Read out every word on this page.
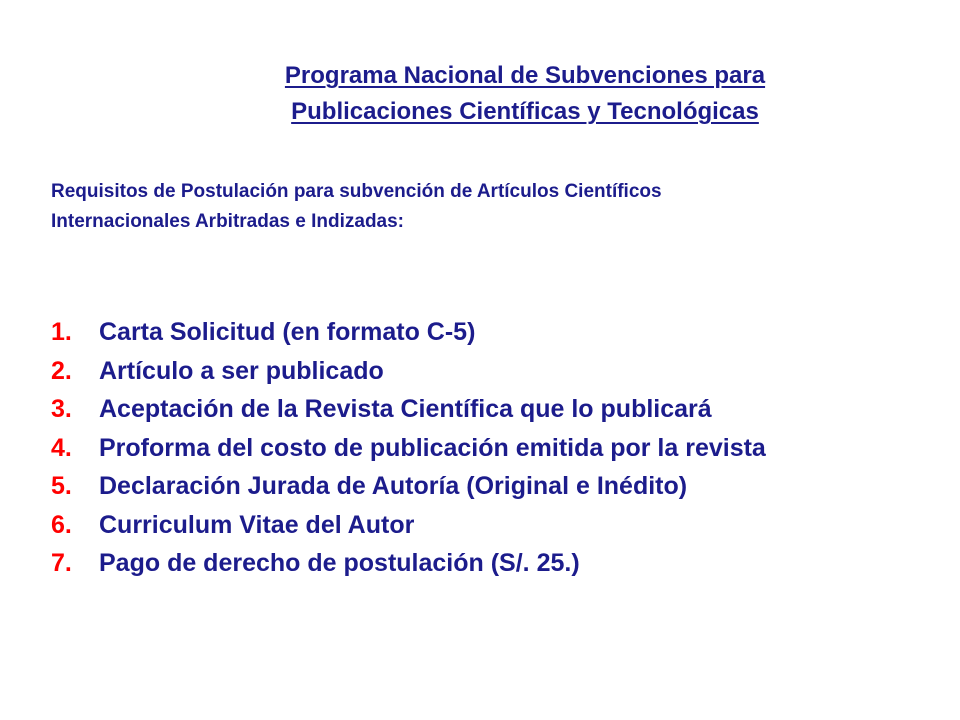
Programa Nacional de Subvenciones para
Publicaciones Científicas y Tecnológicas
Requisitos de Postulación para subvención de Artículos Científicos
Internacionales Arbitradas e Indizadas:
1.	Carta Solicitud (en formato C-5)
2.	Artículo a ser publicado
3.	Aceptación de la Revista Científica que lo publicará
4.	Proforma del costo de publicación emitida por la revista
5.	Declaración Jurada de Autoría (Original e Inédito)
6.	Curriculum Vitae del Autor
7.	Pago de derecho de postulación (S/. 25.)
